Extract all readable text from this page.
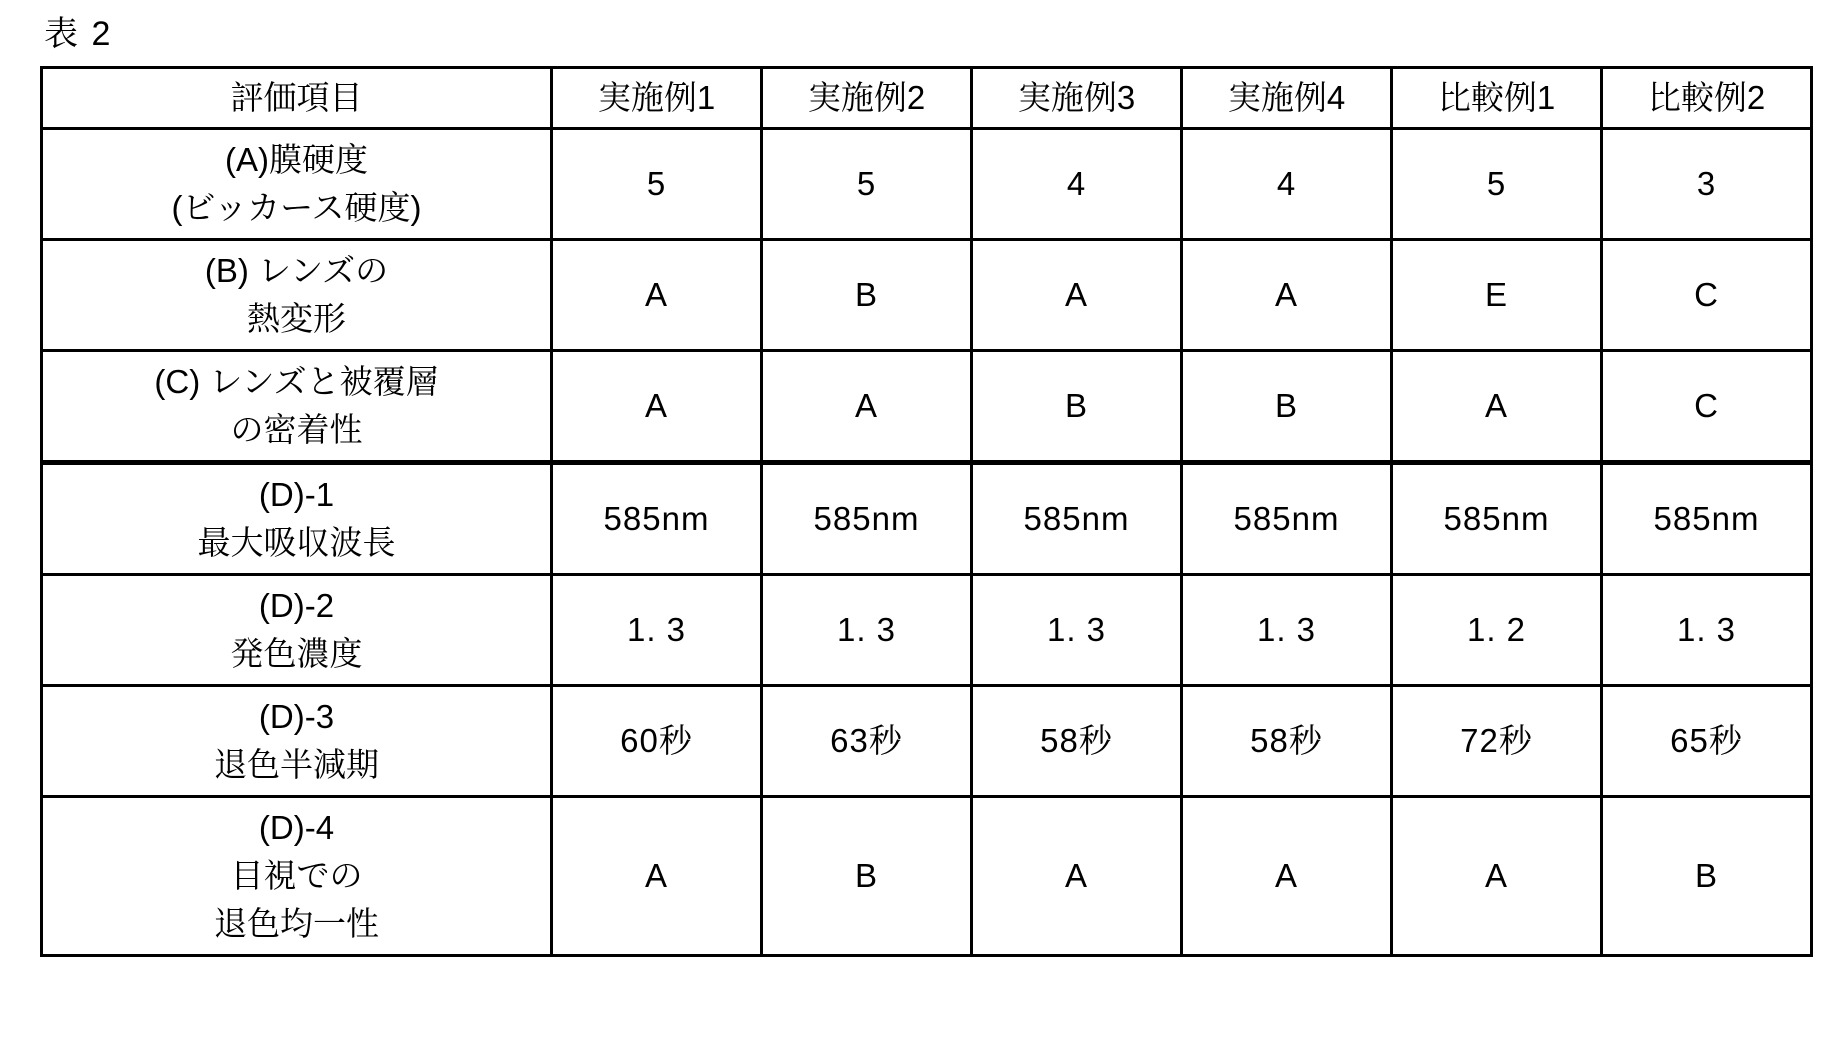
表 2
評価項目	実施例1	実施例2	実施例3	実施例4	比較例1	比較例2
(A)膜硬度
(ビッカース硬度)	5	5	4	4	5	3
(B) レンズの
熱変形	A	B	A	A	E	C
(C) レンズと被覆層
の密着性	A	A	B	B	A	C
(D)-1
最大吸収波長	585nm	585nm	585nm	585nm	585nm	585nm
(D)-2
発色濃度	1. 3	1. 3	1. 3	1. 3	1. 2	1. 3
(D)-3
退色半減期	60秒	63秒	58秒	58秒	72秒	65秒
(D)-4
目視での
退色均一性	A	B	A	A	A	B
